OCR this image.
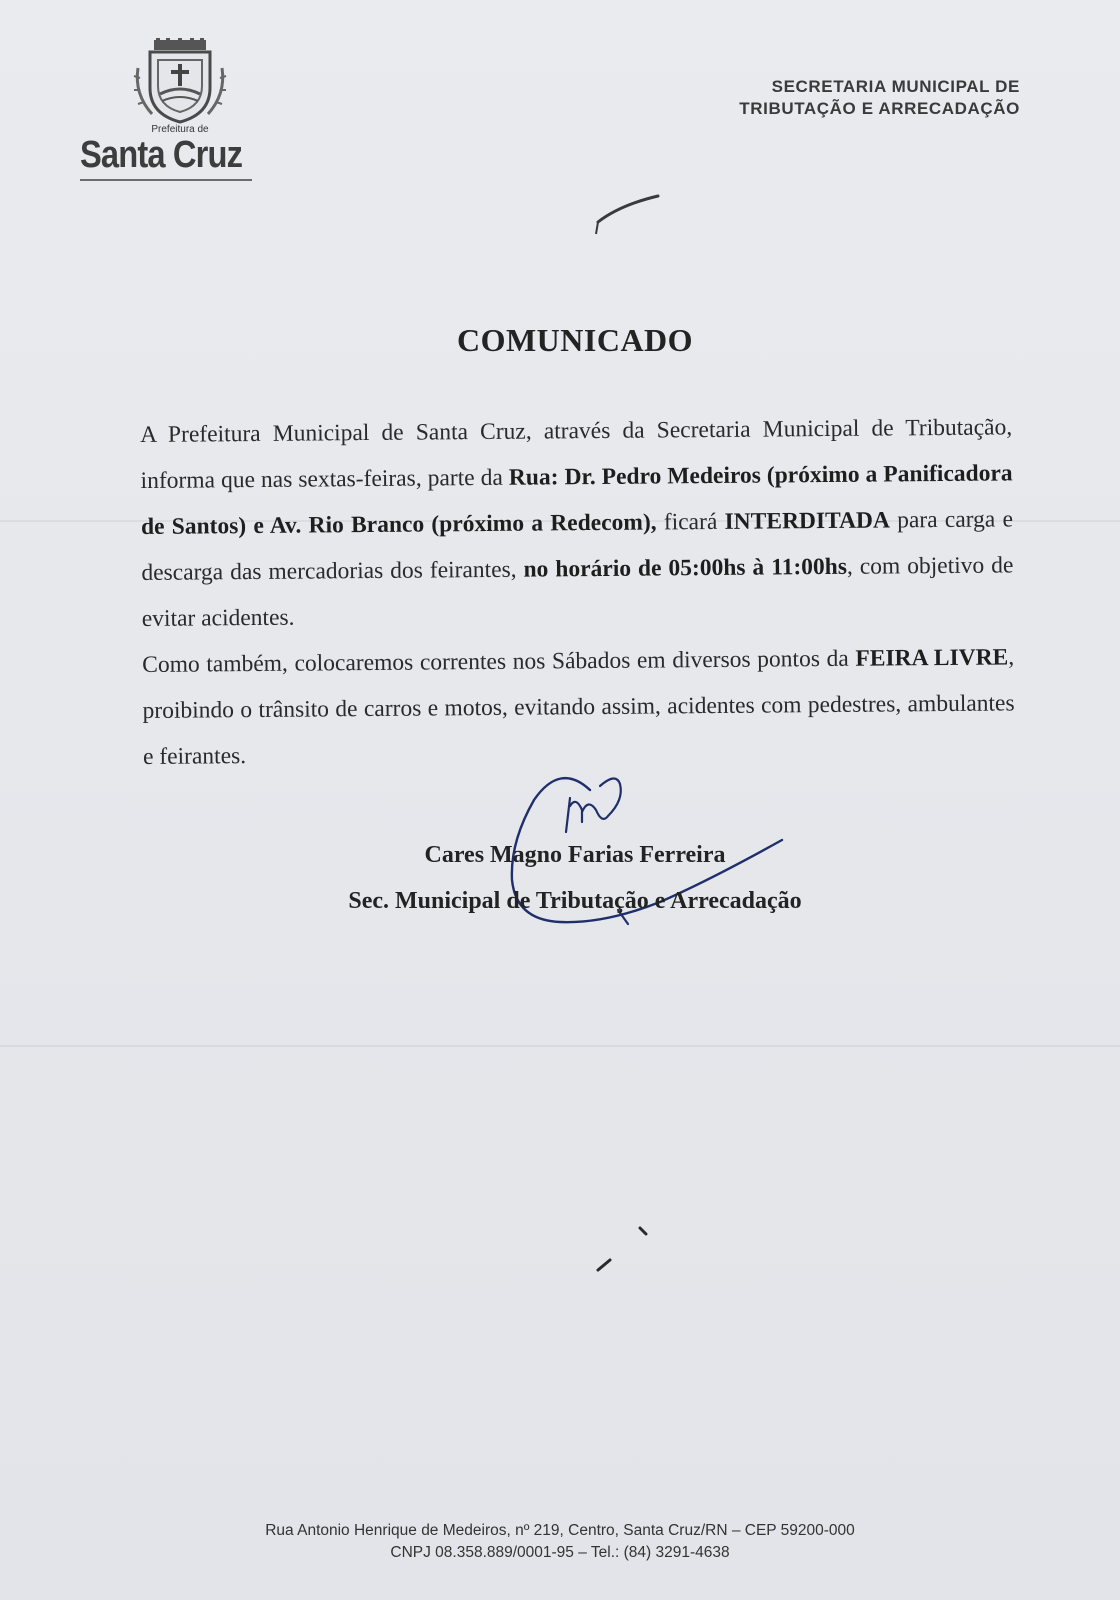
Prefeitura de
Santa Cruz
SECRETARIA MUNICIPAL DE
TRIBUTAÇÃO E ARRECADAÇÃO
COMUNICADO

A Prefeitura Municipal de Santa Cruz, através da Secretaria Municipal de Tributação, informa que nas sextas-feiras, parte da Rua: Dr. Pedro Medeiros (próximo a Panificadora de Santos) e Av. Rio Branco (próximo a Redecom), ficará INTERDITADA para carga e descarga das mercadorias dos feirantes, no horário de 05:00hs à 11:00hs, com objetivo de evitar acidentes.

Como também, colocaremos correntes nos Sábados em diversos pontos da FEIRA LIVRE, proibindo o trânsito de carros e motos, evitando assim, acidentes com pedestres, ambulantes e feirantes.

Cares Magno Farias Ferreira
Sec. Municipal de Tributação e Arrecadação
Rua Antonio Henrique de Medeiros, nº 219, Centro, Santa Cruz/RN – CEP 59200-000
CNPJ 08.358.889/0001-95 – Tel.: (84) 3291-4638
